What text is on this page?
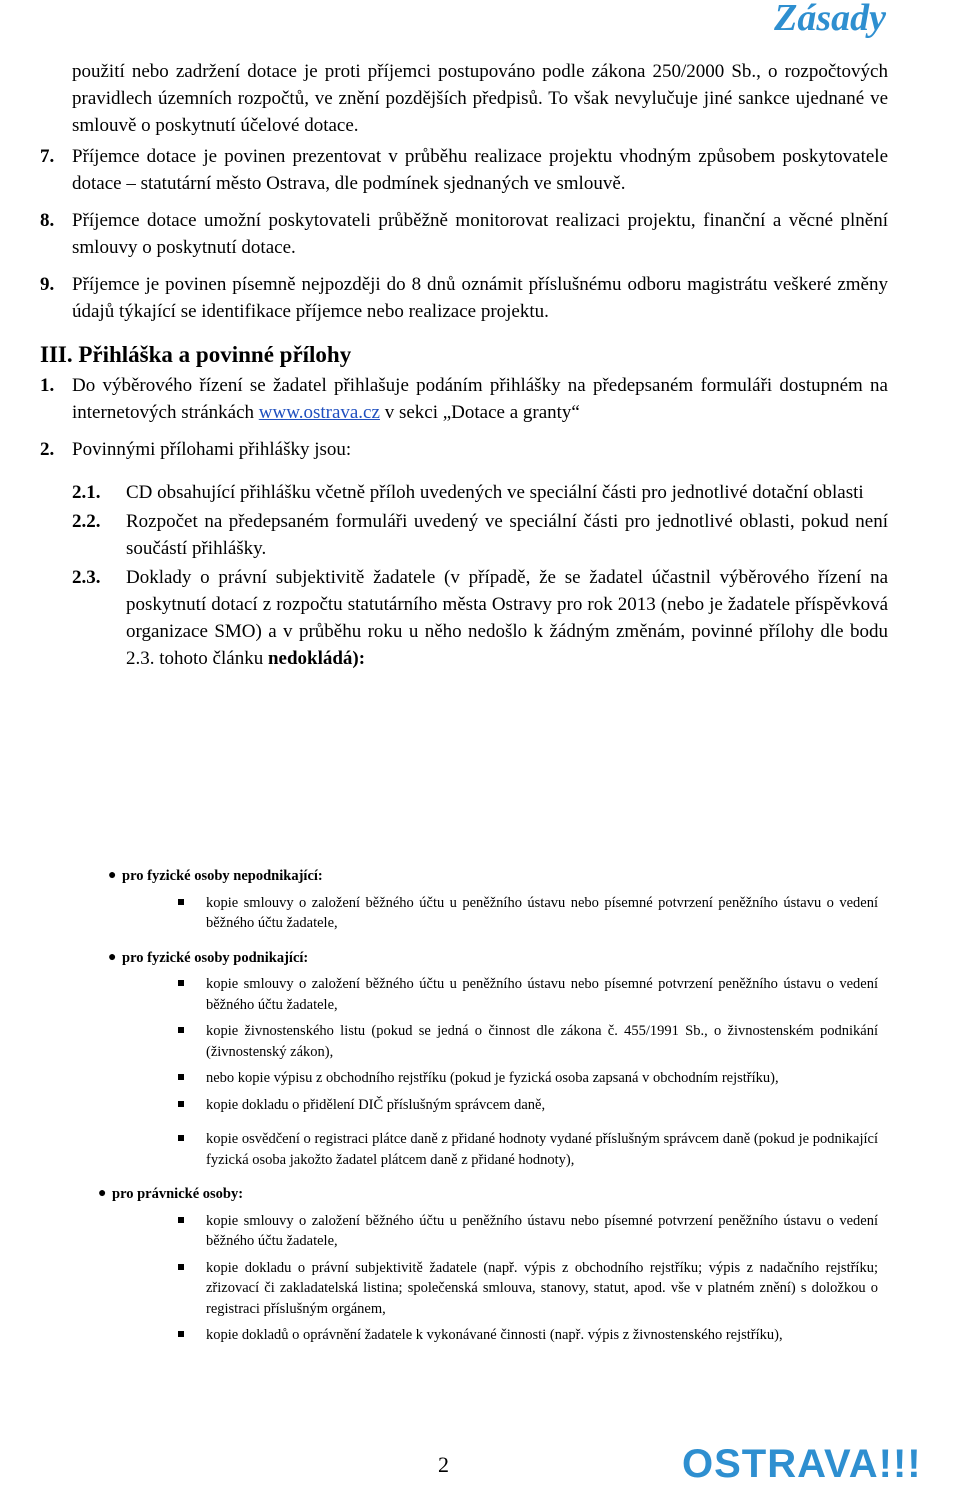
Zásady

použití nebo zadržení dotace je proti příjemci postupováno podle zákona 250/2000 Sb., o rozpočtových pravidlech územních rozpočtů, ve znění pozdějších předpisů. To však nevylučuje jiné sankce ujednané ve smlouvě o poskytnutí účelové dotace.

7. Příjemce dotace je povinen prezentovat v průběhu realizace projektu vhodným způsobem poskytovatele dotace – statutární město Ostrava, dle podmínek sjednaných ve smlouvě.
8. Příjemce dotace umožní poskytovateli průběžně monitorovat realizaci projektu, finanční a věcné plnění smlouvy o poskytnutí dotace.
9. Příjemce je povinen písemně nejpozději do 8 dnů oznámit příslušnému odboru magistrátu veškeré změny údajů týkající se identifikace příjemce nebo realizace projektu.
III. Přihláška a povinné přílohy
1. Do výběrového řízení se žadatel přihlašuje podáním přihlášky na předepsaném formuláři dostupném na internetových stránkách www.ostrava.cz v sekci „Dotace a granty“
2. Povinnými přílohami přihlášky jsou:
2.1. CD obsahující přihlášku včetně příloh uvedených ve speciální části pro jednotlivé dotační oblasti
2.2. Rozpočet na předepsaném formuláři uvedený ve speciální části pro jednotlivé oblasti, pokud není součástí přihlášky.
2.3. Doklady o právní subjektivitě žadatele (v případě, že se žadatel účastnil výběrového řízení na poskytnutí dotací z rozpočtu statutárního města Ostravy pro rok 2013 (nebo je žadatele příspěvková organizace SMO) a v průběhu roku u něho nedošlo k žádným změnám, povinné přílohy dle bodu 2.3. tohoto článku nedokládá):
● pro fyzické osoby nepodnikající:
kopie smlouvy o založení běžného účtu u peněžního ústavu nebo písemné potvrzení peněžního ústavu o vedení běžného účtu žadatele,
● pro fyzické osoby podnikající:
kopie smlouvy o založení běžného účtu u peněžního ústavu nebo písemné potvrzení peněžního ústavu o vedení běžného účtu žadatele,
kopie živnostenského listu (pokud se jedná o činnost dle zákona č. 455/1991 Sb., o živnostenském podnikání (živnostenský zákon),
nebo kopie výpisu z obchodního rejstříku (pokud je fyzická osoba zapsaná v obchodním rejstříku),
kopie dokladu o přidělení DIČ příslušným správcem daně,
kopie osvědčení o registraci plátce daně z přidané hodnoty vydané příslušným správcem daně (pokud je podnikající fyzická osoba jakožto žadatel plátcem daně z přidané hodnoty),
● pro právnické osoby:
kopie smlouvy o založení běžného účtu u peněžního ústavu nebo písemné potvrzení peněžního ústavu o vedení běžného účtu žadatele,
kopie dokladu o právní subjektivitě žadatele (např. výpis z obchodního rejstříku; výpis z nadačního rejstříku; zřizovací či zakladatelská listina; společenská smlouva, stanovy, statut, apod. vše v platném znění) s doložkou o registraci příslušným orgánem,
kopie dokladů o oprávnění žadatele k vykonávané činnosti (např. výpis z živnostenského rejstříku),
2	OSTRAVA!!!
